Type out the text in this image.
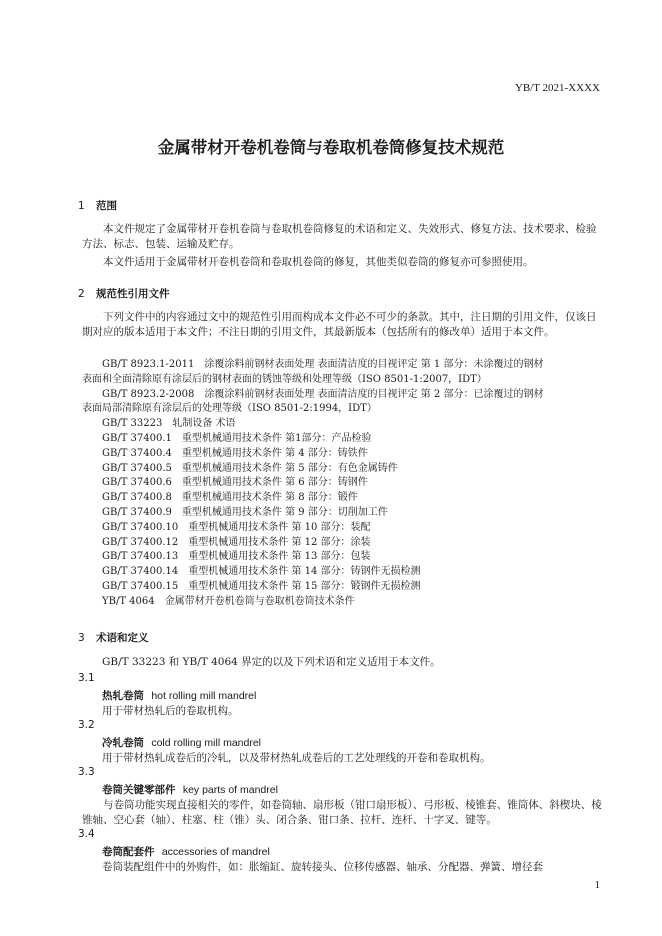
YB/T 2021-XXXX
金属带材开卷机卷筒与卷取机卷筒修复技术规范
1 范围
本文件规定了金属带材开卷机卷筒与卷取机卷筒修复的术语和定义、失效形式、修复方法、技术要求、检验方法、标志、包装、运输及贮存。
本文件适用于金属带材开卷机卷筒和卷取机卷筒的修复，其他类似卷筒的修复亦可参照使用。
2 规范性引用文件
下列文件中的内容通过文中的规范性引用而构成本文件必不可少的条款。其中，注日期的引用文件，仅该日期对应的版本适用于本文件；不注日期的引用文件，其最新版本（包括所有的修改单）适用于本文件。
GB/T 8923.1-2011　涂覆涂料前钢材表面处理 表面清洁度的目视评定 第 1 部分：未涂覆过的钢材
表面和全面清除原有涂层后的钢材表面的锈蚀等级和处理等级（ISO 8501-1:2007，IDT）
GB/T 8923.2-2008　涂覆涂料前钢材表面处理 表面清洁度的目视评定 第 2 部分：已涂覆过的钢材
表面局部清除原有涂层后的处理等级（ISO 8501-2:1994，IDT）
GB/T 33223　轧制设备 术语
GB/T 37400.1　重型机械通用技术条件 第1部分：产品检验
GB/T 37400.4　重型机械通用技术条件 第 4 部分：铸铁件
GB/T 37400.5　重型机械通用技术条件 第 5 部分：有色金属铸件
GB/T 37400.6　重型机械通用技术条件 第 6 部分：铸钢件
GB/T 37400.8　重型机械通用技术条件 第 8 部分：锻件
GB/T 37400.9　重型机械通用技术条件 第 9 部分：切削加工件
GB/T 37400.10　重型机械通用技术条件 第 10 部分：装配
GB/T 37400.12　重型机械通用技术条件 第 12 部分：涂装
GB/T 37400.13　重型机械通用技术条件 第 13 部分：包装
GB/T 37400.14　重型机械通用技术条件 第 14 部分：铸钢件无损检测
GB/T 37400.15　重型机械通用技术条件 第 15 部分：锻钢件无损检测
YB/T 4064　金属带材开卷机卷筒与卷取机卷筒技术条件
3 术语和定义
GB/T 33223 和 YB/T 4064 界定的以及下列术语和定义适用于本文件。
3.1
热轧卷筒 hot rolling mill mandrel
用于带材热轧后的卷取机构。
3.2
冷轧卷筒 cold rolling mill mandrel
用于带材热轧成卷后的冷轧，以及带材热轧成卷后的工艺处理线的开卷和卷取机构。
3.3
卷筒关键零部件 key parts of mandrel
与卷筒功能实现直接相关的零件，如卷筒轴、扇形板（钳口扇形板）、弓形板、棱锥套、锥筒体、斜楔块、棱锥轴、空心套（轴）、柱塞、柱（锥）头、闭合条、钳口条、拉杆、连杆、十字叉、键等。
3.4
卷筒配套件 accessories of mandrel
卷筒装配组件中的外购件，如：胀缩缸、旋转接头、位移传感器、轴承、分配器、弹簧、增径套
1
